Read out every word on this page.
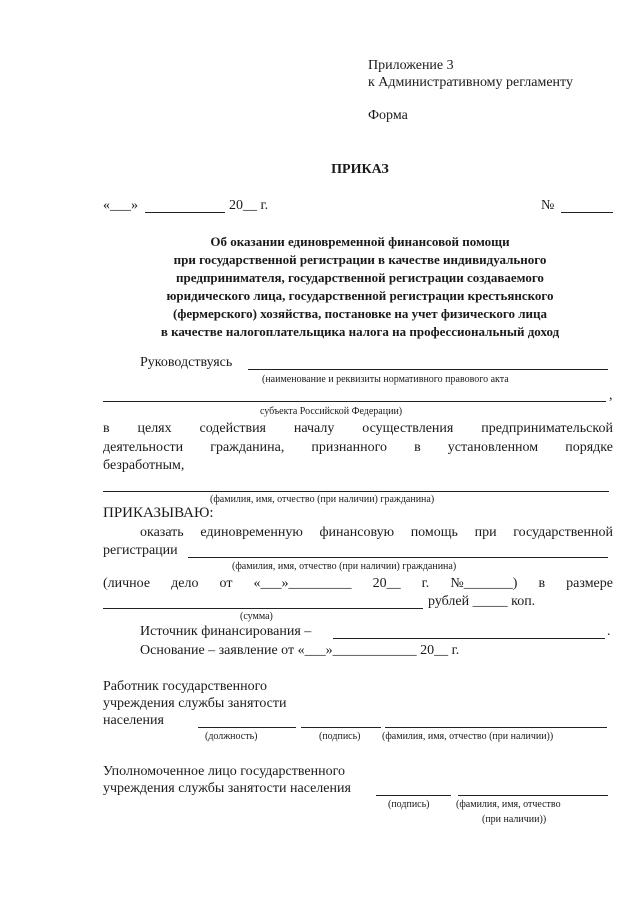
Приложение 3
к Административному регламенту
Форма
ПРИКАЗ
«___»	20__ г.	№
Об оказании единовременной финансовой помощи
при государственной регистрации в качестве индивидуального
предпринимателя, государственной регистрации создаваемого
юридического лица, государственной регистрации крестьянского
(фермерского) хозяйства, постановке на учет физического лица
в качестве налогоплательщика налога на профессиональный доход
Руководствуясь
(наименование и реквизиты нормативного правового акта
,
субъекта Российской Федерации)
в целях содействия началу осуществления предпринимательской
деятельности гражданина, признанного в установленном порядке
безработным,
(фамилия, имя, отчество (при наличии) гражданина)
ПРИКАЗЫВАЮ:
оказать единовременную финансовую помощь при государственной
регистрации
(фамилия, имя, отчество (при наличии) гражданина)
(личное дело от «___»_________ 20__ г. №_______) в размере
рублей _____ коп.
(сумма)
Источник финансирования –	.
Основание – заявление от «___»____________ 20__ г.
Работник государственного
учреждения службы занятости
населения
(должность)	(подпись) (фамилия, имя, отчество (при наличии))
Уполномоченное лицо государственного
учреждения службы занятости населения
(подпись)	(фамилия, имя, отчество
(при наличии))
